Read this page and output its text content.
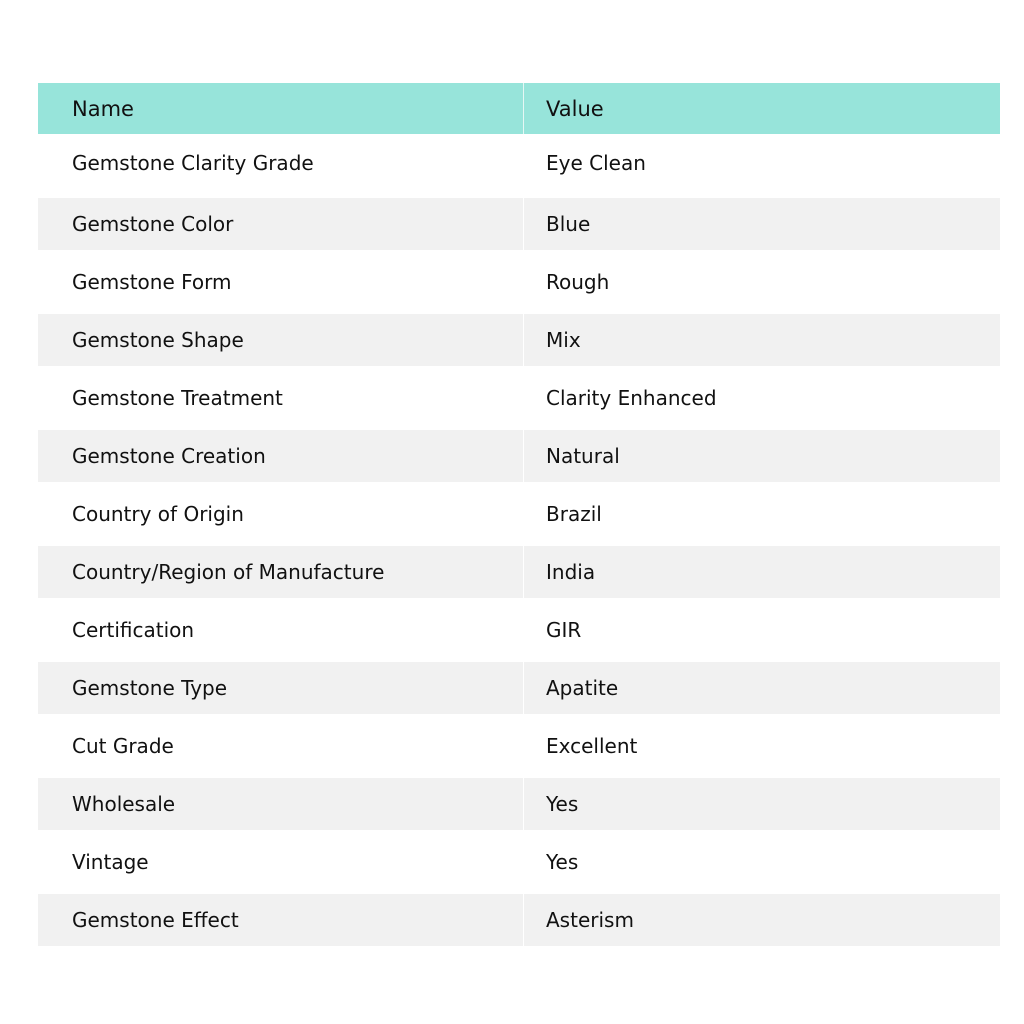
Name	Value
Gemstone Clarity Grade	Eye Clean
Gemstone Color	Blue
Gemstone Form	Rough
Gemstone Shape	Mix
Gemstone Treatment	Clarity Enhanced
Gemstone Creation	Natural
Country of Origin	Brazil
Country/Region of Manufacture	India
Certification	GIR
Gemstone Type	Apatite
Cut Grade	Excellent
Wholesale	Yes
Vintage	Yes
Gemstone Effect	Asterism
